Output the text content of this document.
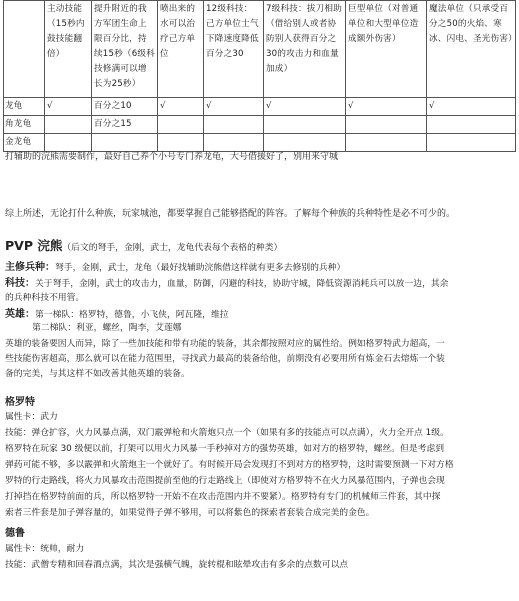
	主动技能（15秒内鼓技能翻倍）	提升附近的我方军团生命上限百分比，持续15秒（6级科技修满可以增长为25秒）	喷出来的水可以治疗己方单位	12级科技：己方单位士气下降速度降低百分之30	7级科技：拔刀相助（借给别人或者协防别人获得百分之30的攻击力和血量加成）	巨型单位（对普通单位和大型单位造成额外伤害）	魔法单位（只承受百分之50的火焰、寒冰、闪电、圣光伤害）
龙龟	√	百分之10	√	√	√	√	√
角龙龟		百分之15					
金龙龟							
打辅助的浣熊需要制作，最好自己养个小号专门养龙龟，大号借援好了，别用来守城
综上所述，无论打什么种族，玩家城池，都要掌握自己能够搭配的阵容。了解每个种族的兵种特性是必不可少的。
PVP 浣熊（后文的弩手，金刚，武士，龙龟代表每个表格的种类）
主修兵种：弩手，金刚，武士，龙龟（最好找辅助浣熊借这样就有更多去修别的兵种）
科技：关于弩手，金刚，武士的攻击力，血量，防御，闪避的科技，协助守城，降低资源消耗兵可以放一边，其余
的兵种科技不用管。
英雄：第一梯队：格罗特，德鲁，小飞侠，阿瓦隆，维拉
第二梯队：利亚，螺丝，陶李，艾莲娜
英雄的装备要因人而异，除了一些加技能和带有功能的装备，其余都按照对应的属性给。例如格罗特武力超高，一
些技能伤害超高，那么就可以在能力范围里，寻找武力最高的装备给他，前期没有必要用所有炼金石去熔炼一个装
备的完美，与其这样不如改善其他英雄的装备。
格罗特
属性卡：武力
技能：弹仓扩容，火力风暴点满，双门霰弹枪和火箭炮只点一个（如果有多的技能点可以点满），火力全开点 1级。
格罗特在玩家 30 级便以前，打架可以用火力风暴一手秒掉对方的强势英雄，如对方的格罗特，螺丝。但是考虑到
弹药可能不够，多以霰弹和火箭炮主一个就好了。有时候开局会发现打不到对方的格罗特，这时需要预测一下对方格
罗特的行走路线，将火力风暴攻击范围提前至他的行走路线上（即使对方格罗特不在火力风暴范围内，子弹也会现
打掉挡在格罗特前面的兵，所以格罗特一开始不在攻击范围内并不要紧）。格罗特有专门的机械师三件套，其中探
索者三件套是加子弹容量的，如果觉得子弹不够用，可以将紫色的探索者套装合成完美的金色。
德鲁
属性卡：统帅，耐力
技能：武僧专精和回春酒点满，其次是强横气魄，旋转棍和眩晕攻击有多余的点数可以点
